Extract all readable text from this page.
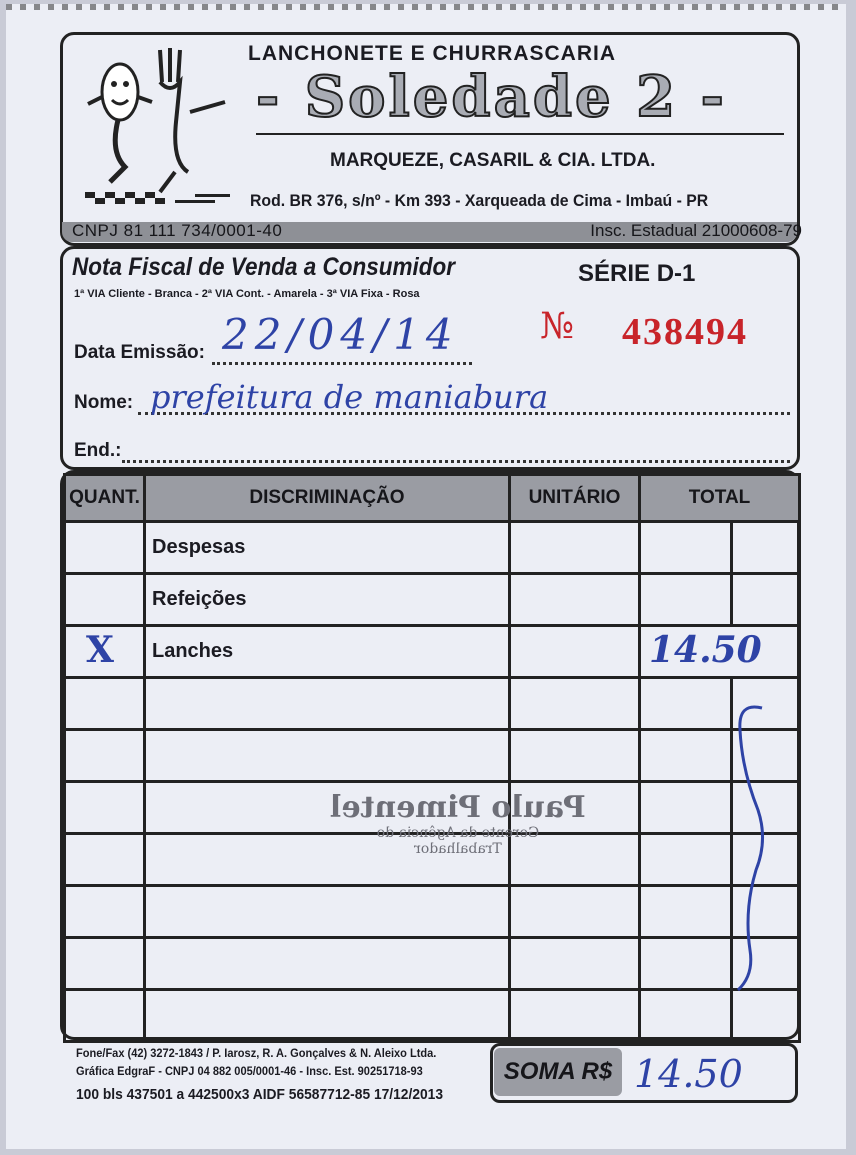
LANCHONETE E CHURRASCARIA
- Soledade 2 -
MARQUEZE, CASARIL & CIA. LTDA.
Rod. BR 376, s/nº - Km 393 - Xarqueada de Cima - Imbaú - PR
CNPJ 81 111 734/0001-40	Insc. Estadual 21000608-79
Nota Fiscal de Venda a Consumidor
1ª VIA Cliente - Branca - 2ª VIA Cont. - Amarela - 3ª VIA Fixa - Rosa
SÉRIE D-1
№ 438494
Data Emissão: 22/04/14
Nome: prefeitura de maniabura
End.:
QUANT.	DISCRIMINAÇÃO	UNITÁRIO	TOTAL	
	Despesas			
	Refeições			

X	Lanches		14.50	

Paulo Pimentel
Gerente da Agência do Trabalhador
Fone/Fax (42) 3272-1843 / P. Iarosz, R. A. Gonçalves & N. Aleixo Ltda.
Gráfica EdgraF - CNPJ 04 882 005/0001-46 - Insc. Est. 90251718-93
100 bls 437501 a 442500x3 AIDF 56587712-85 17/12/2013
SOMA R$ 14.50
